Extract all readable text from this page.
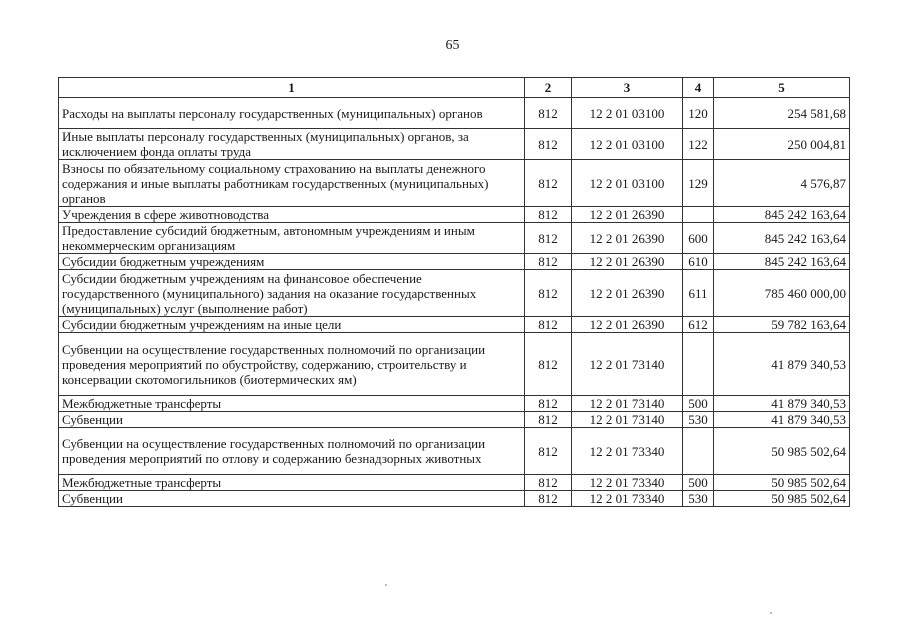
65
1	2	3	4	5
Расходы на выплаты персоналу государственных (муниципальных) органов	812	12 2 01 03100	120	254 581,68
Иные выплаты персоналу государственных (муниципальных) органов, за исключением фонда оплаты труда	812	12 2 01 03100	122	250 004,81
Взносы по обязательному социальному страхованию на выплаты денежного содержания и иные выплаты работникам государственных (муниципальных) органов	812	12 2 01 03100	129	4 576,87
Учреждения в сфере животноводства	812	12 2 01 26390		845 242 163,64
Предоставление субсидий бюджетным, автономным учреждениям и иным некоммерческим организациям	812	12 2 01 26390	600	845 242 163,64
Субсидии бюджетным учреждениям	812	12 2 01 26390	610	845 242 163,64
Субсидии бюджетным учреждениям на финансовое обеспечение государственного (муниципального) задания на оказание государственных (муниципальных) услуг (выполнение работ)	812	12 2 01 26390	611	785 460 000,00
Субсидии бюджетным учреждениям на иные цели	812	12 2 01 26390	612	59 782 163,64
Субвенции на осуществление государственных полномочий по организации проведения мероприятий по обустройству, содержанию, строительству и консервации скотомогильников (биотермических ям)	812	12 2 01 73140		41 879 340,53
Межбюджетные трансферты	812	12 2 01 73140	500	41 879 340,53
Субвенции	812	12 2 01 73140	530	41 879 340,53
Субвенции на осуществление государственных полномочий по организации проведения мероприятий по отлову и содержанию безнадзорных животных	812	12 2 01 73340		50 985 502,64
Межбюджетные трансферты	812	12 2 01 73340	500	50 985 502,64
Субвенции	812	12 2 01 73340	530	50 985 502,64
